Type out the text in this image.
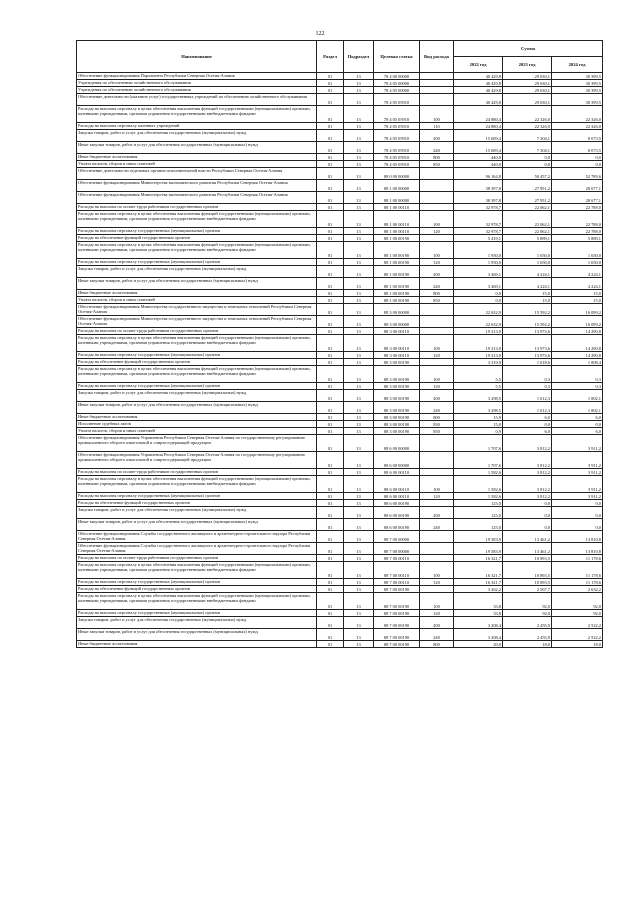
122
Наименование	Раздел	Подраздел	Целевая статья	Вид расхода	Сумма		
					2022 год	2023 год	2024 год
Обеспечение функционирования Парламента Республики Северная Осетия-Алания	01	13	78 4 00 00000		40 429,8	29 630,1	30 399,5
Учреждения по обеспечению хозяйственного обслуживания	01	13	78 4 05 00000		40 429,8	29 630,1	30 399,5
Учреждения по обеспечению хозяйственного обслуживания	01	13	78 4 05 00000		40 429,8	29 630,1	30 399,5
Обеспечение деятельности (оказание услуг) государственных учреждений по обеспечению хозяйственного обслуживания	01	13	78 4 05 05910		40 429,8	29 630,1	30 399,5
Расходы на выплаты персоналу в целях обеспечения выполнения функций государственными (муниципальными) органами, казенными учреждениями, органами управления государственными внебюджетными фондами	01	13	78 4 05 05910	100	24 880,4	22 326,0	22 326,0
Расходы на выплаты персоналу казенных учреждений	01	13	78 4 05 05910	110	24 880,4	22 326,0	22 326,0
Закупка товаров, работ и услуг для обеспечения государственных (муниципальных) нужд	01	13	78 4 05 05910	200	15 609,4	7 304,1	8 073,5
Иные закупки товаров, работ и услуг для обеспечения государственных (муниципальных) нужд	01	13	78 4 05 05910	240	15 609,4	7 304,1	8 073,5
Иные бюджетные ассигнования	01	13	78 4 05 05910	800	440,0	0,0	0,0
Уплата налогов, сборов и иных платежей	01	13	78 4 05 05910	850	440,0	0,0	0,0
Обеспечение деятельности отдельных органов исполнительной власти Республики Северная Осетия-Алания	01	13	88 0 00 00000		96 164,8	50 457,2	52 789,6
Обеспечение функционирования Министерства экономического развития Республики Северная Осетия-Алания	01	13	88 1 00 00000		38 397,8	27 951,2	28 677,1
Обеспечение функционирования Министерства экономического развития Республики Северная Осетия-Алания	01	13	88 1 00 00000		38 397,8	27 951,2	28 677,1
Расходы на выплаты по оплате труда работников государственных органов	01	13	88 1 00 00110		32 978,7	22 062,1	22 788,0
Расходы на выплаты персоналу в целях обеспечения выполнения функций государственными (муниципальными) органами, казенными учреждениями, органами управления государственными внебюджетными фондами	01	13	88 1 00 00110	100	32 978,7	22 062,1	22 788,0
Расходы на выплаты персоналу государственных (муниципальных) органов	01	13	88 1 00 00110	120	32 978,7	22 062,1	22 788,0
Расходы на обеспечение функций государственных органов	01	13	88 1 00 00190		5 419,1	5 889,1	5 889,1
Расходы на выплаты персоналу в целях обеспечения выполнения функций государственными (муниципальными) органами, казенными учреждениями, органами управления государственными внебюджетными фондами	01	13	88 1 00 00190	100	1 950,0	1 650,0	1 650,0
Расходы на выплаты персоналу государственных (муниципальных) органов	01	13	88 1 00 00190	120	1 950,0	1 650,0	1 650,0
Закупка товаров, работ и услуг для обеспечения государственных (муниципальных) нужд	01	13	88 1 00 00190	200	3 469,1	4 224,1	4 224,1
Иные закупки товаров, работ и услуг для обеспечения государственных (муниципальных) нужд	01	13	88 1 00 00190	240	3 469,1	4 224,1	4 224,1
Иные бюджетные ассигнования	01	13	88 1 00 00190	800	0,0	15,0	15,0
Уплата налогов, сборов и иных платежей	01	13	88 1 00 00190	850	0,0	15,0	15,0
Обеспечение функционирования Министерства государственного имущества и земельных отношений Республики Северная Осетия-Алания	01	13	88 3 00 00000		22 632,9	15 592,2	16 099,2
Обеспечение функционирования Министерства государственного имущества и земельных отношений Республики Северная Осетия-Алания	01	13	88 3 00 00000		22 632,9	15 592,2	16 099,2
Расходы на выплаты по оплате труда работников государственных органов	01	13	88 3 00 00110		19 313,0	13 973,6	14 290,8
Расходы на выплаты персоналу в целях обеспечения выполнения функций государственными (муниципальными) органами, казенными учреждениями, органами управления государственными внебюджетными фондами	01	13	88 3 00 00110	100	19 313,0	13 973,6	14 290,8
Расходы на выплаты персоналу государственных (муниципальных) органов	01	13	88 3 00 00110	120	19 313,0	13 973,6	14 290,8
Расходы на обеспечение функций государственных органов	01	13	88 3 00 00190		3 319,9	1 618,6	1 808,4
Расходы на выплаты персоналу в целях обеспечения выполнения функций государственными (муниципальными) органами, казенными учреждениями, органами управления государственными внебюджетными фондами	01	13	88 3 00 00190	100	5,5	0,3	0,3
Расходы на выплаты персоналу государственных (муниципальных) органов	01	13	88 3 00 00190	120	5,5	0,3	0,3
Закупка товаров, работ и услуг для обеспечения государственных (муниципальных) нужд	01	13	88 3 00 00190	200	3 298,5	1 612,3	1 802,1
Иные закупки товаров, работ и услуг для обеспечения государственных (муниципальных) нужд	01	13	88 3 00 00190	240	3 298,5	1 612,3	1 802,1
Иные бюджетные ассигнования	01	13	88 3 00 00190	800	15,9	6,0	6,0
Исполнение судебных актов	01	13	88 3 00 00190	830	15,0	0,0	0,0
Уплата налогов, сборов и иных платежей	01	13	88 3 00 00190	850	0,9	6,0	6,0
Обеспечение функционирования Управления Республики Северная Осетия-Алания по государственному регулированию промышленного оборота алкогольной и спиртосодержащей продукции	01	13	88 6 00 00000		1 707,6	3 812,2	3 911,2
Обеспечение функционирования Управления Республики Северная Осетия-Алания по государственному регулированию промышленного оборота алкогольной и спиртосодержащей продукции	01	13	88 6 00 00000		1 707,6	3 812,2	3 911,2
Расходы на выплаты по оплате труда работников государственных органов	01	13	88 6 00 00110		1 582,6	3 812,2	3 911,2
Расходы на выплаты персоналу в целях обеспечения выполнения функций государственными (муниципальными) органами, казенными учреждениями, органами управления государственными внебюджетными фондами	01	13	88 6 00 00110	100	1 582,6	3 812,2	3 911,2
Расходы на выплаты персоналу государственных (муниципальных) органов	01	13	88 6 00 00110	120	1 582,6	3 812,2	3 911,2
Расходы на обеспечение функций государственных органов	01	13	88 6 00 00190		125,0	0,0	0,0
Закупка товаров, работ и услуг для обеспечения государственных (муниципальных) нужд	01	13	88 6 00 00190	200	125,0	0,0	0,0
Иные закупки товаров, работ и услуг для обеспечения государственных (муниципальных) нужд	01	13	88 6 00 00190	240	125,0	0,0	0,0
Обеспечение функционирования Службы государственного жилищного и архитектурно-строительного надзора Республики Северная Осетия-Алания	01	13	88 7 00 00000		19 583,9	13 461,2	13 810,8
Обеспечение функционирования Службы государственного жилищного и архитектурно-строительного надзора Республики Северная Осетия-Алания	01	13	88 7 00 00000		19 583,9	13 461,2	13 810,8
Расходы на выплаты по оплате труда работников государственных органов	01	13	88 7 00 00110		16 321,7	10 893,5	11 178,6
Расходы на выплаты персоналу в целях обеспечения выполнения функций государственными (муниципальными) органами, казенными учреждениями, органами управления государственными внебюджетными фондами	01	13	88 7 00 00110	100	16 321,7	10 893,5	11 178,6
Расходы на выплаты персоналу государственных (муниципальных) органов	01	13	88 7 00 00110	120	16 321,7	10 893,5	11 178,6
Расходы на обеспечение функций государственных органов	01	13	88 7 00 00190		3 262,2	2 567,7	2 632,2
Расходы на выплаты персоналу в целях обеспечения выполнения функций государственными (муниципальными) органами, казенными учреждениями, органами управления государственными внебюджетными фондами	01	13	88 7 00 00190	100	33,8	92,0	92,0
Расходы на выплаты персоналу государственных (муниципальных) органов	01	13	88 7 00 00190	120	33,8	92,0	92,0
Закупка товаров, работ и услуг для обеспечения государственных (муниципальных) нужд	01	13	88 7 00 00190	200	3 208,4	2 455,9	2 522,2
Иные закупки товаров, работ и услуг для обеспечения государственных (муниципальных) нужд	01	13	88 7 00 00190	240	3 208,4	2 455,9	2 522,2
Иные бюджетные ассигнования	01	13	88 7 00 00190	800	20,0	18,0	18,0
